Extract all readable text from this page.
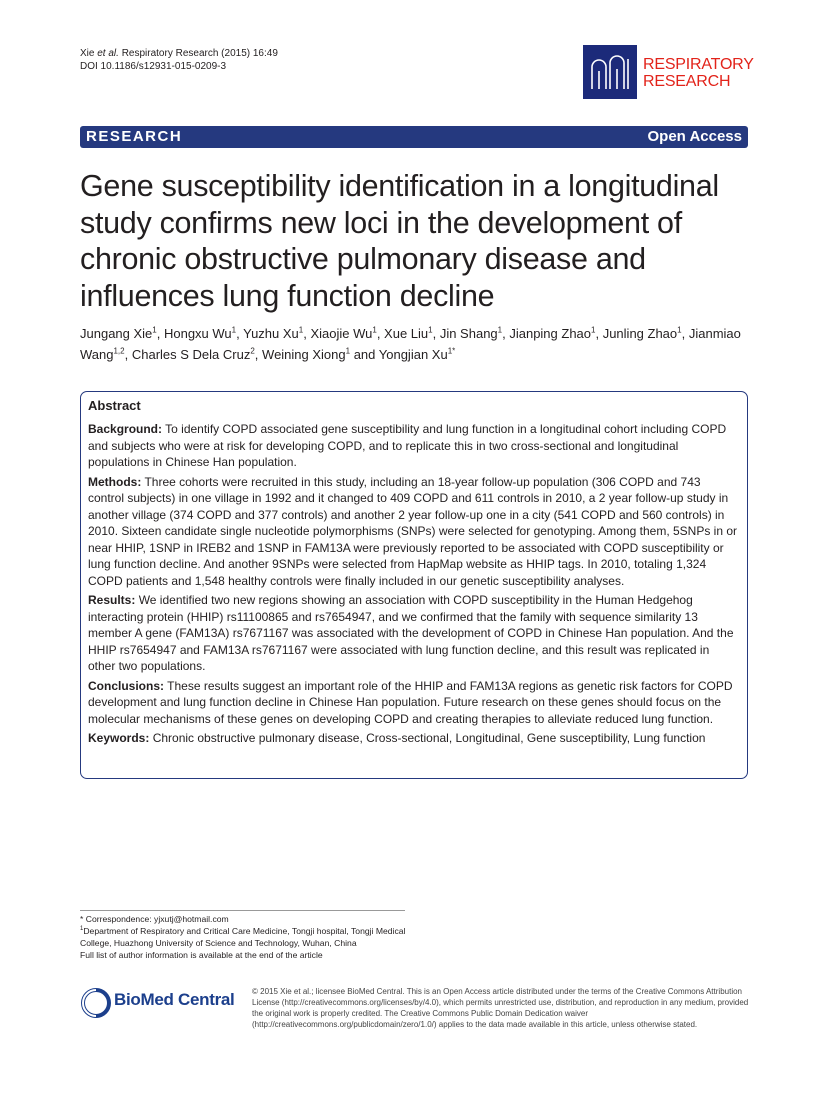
Xie et al. Respiratory Research (2015) 16:49
DOI 10.1186/s12931-015-0209-3	RESPIRATORY
RESEARCH
RESEARCH	Open Access
Gene susceptibility identification in a longitudinal study confirms new loci in the development of chronic obstructive pulmonary disease and influences lung function decline
Jungang Xie$^1$, Hongxu Wu$^1$, Yuzhu Xu$^1$, Xiaojie Wu$^1$, Xue Liu$^1$, Jin Shang$^1$, Jianping Zhao$^1$, Junling Zhao$^1$, Jianmiao Wang$^{1,2}$, Charles S Dela Cruz$^2$, Weining Xiong$^1$ and Yongjian $Xu^{1*}$
Abstract

Background: To identify COPD associated gene susceptibility and lung function in a longitudinal cohort including COPD and subjects who were at risk for developing COPD, and to replicate this in two cross-sectional and longitudinal populations in Chinese Han population.

Methods: Three cohorts were recruited in this study, including an 18-year follow-up population (306 COPD and 743 control subjects) in one village in 1992 and it changed to 409 COPD and 611 controls in 2010, a 2 year follow-up study in another village (374 COPD and 377 controls) and another 2 year follow-up one in a city (541 COPD and 560 controls) in 2010. Sixteen candidate single nucleotide polymorphisms (SNPs) were selected for genotyping. Among them, 5SNPs in or near HHIP, 1SNP in IREB2 and 1SNP in FAM13A were previously reported to be associated with COPD susceptibility or lung function decline. And another 9SNPs were selected from HapMap website as HHIP tags. In 2010, totaling 1,324 COPD patients and 1,548 healthy controls were finally included in our genetic susceptibility analyses.

Results: We identified two new regions showing an association with COPD susceptibility in the Human Hedgehog interacting protein (HHIP) rs11100865 and rs7654947, and we confirmed that the family with sequence similarity 13 member A gene (FAM13A) rs7671167 was associated with the development of COPD in Chinese Han population. And the HHIP rs7654947 and FAM13A rs7671167 were associated with lung function decline, and this result was replicated in other two populations.

Conclusions: These results suggest an important role of the HHIP and FAM13A regions as genetic risk factors for COPD development and lung function decline in Chinese Han population. Future research on these genes should focus on the molecular mechanisms of these genes on developing COPD and creating therapies to alleviate reduced lung function.

Keywords: Chronic obstructive pulmonary disease, Cross-sectional, Longitudinal, Gene susceptibility, Lung function

* Correspondence: yjxutj@hotmail.com

$^1$Department of Respiratory and Critical Care Medicine, Tongji hospital, Tongji Medical College, Huazhong University of Science and Technology, Wuhan, China

Full list of author information is available at the end of the article

BioMed Central © 2015 Xie et al.; licensee BioMed Central. This is an Open Access article distributed under the terms of the Creative Commons Attribution License (http://creativecommons.org/licenses/by/4.0), which permits unrestricted use, distribution, and reproduction in any medium, provided the original work is properly credited. The Creative Commons Public Domain Dedication waiver (http://creativecommons.org/publicdomain/zero/1.0/) applies to the data made available in this article, unless otherwise stated.
